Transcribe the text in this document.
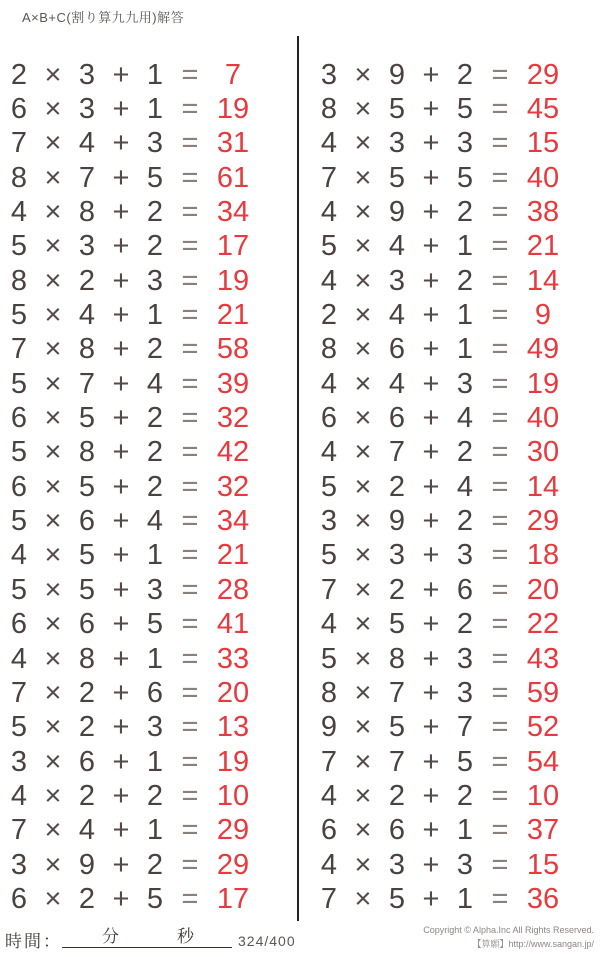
A×B+C(割り算九九用)解答
2 × 3 + 1 = 7
6 × 3 + 1 = 19
7 × 4 + 3 = 31
8 × 7 + 5 = 61
4 × 8 + 2 = 34
5 × 3 + 2 = 17
8 × 2 + 3 = 19
5 × 4 + 1 = 21
7 × 8 + 2 = 58
5 × 7 + 4 = 39
6 × 5 + 2 = 32
5 × 8 + 2 = 42
6 × 5 + 2 = 32
5 × 6 + 4 = 34
4 × 5 + 1 = 21
5 × 5 + 3 = 28
6 × 6 + 5 = 41
4 × 8 + 1 = 33
7 × 2 + 6 = 20
5 × 2 + 3 = 13
3 × 6 + 1 = 19
4 × 2 + 2 = 10
7 × 4 + 1 = 29
3 × 9 + 2 = 29
6 × 2 + 5 = 17
3 × 9 + 2 = 29
8 × 5 + 5 = 45
4 × 3 + 3 = 15
7 × 5 + 5 = 40
4 × 9 + 2 = 38
5 × 4 + 1 = 21
4 × 3 + 2 = 14
2 × 4 + 1 = 9
8 × 6 + 1 = 49
4 × 4 + 3 = 19
6 × 6 + 4 = 40
4 × 7 + 2 = 30
5 × 2 + 4 = 14
3 × 9 + 2 = 29
5 × 3 + 3 = 18
7 × 2 + 6 = 20
4 × 5 + 2 = 22
5 × 8 + 3 = 43
8 × 7 + 3 = 59
9 × 5 + 7 = 52
7 × 7 + 5 = 54
4 × 2 + 2 = 10
6 × 6 + 1 = 37
4 × 3 + 3 = 15
7 × 5 + 1 = 36
時間： 分	秒	324/400
Copyright © Alpha.Inc All Rights Reserved.
【算願】http://www.sangan.jp/
